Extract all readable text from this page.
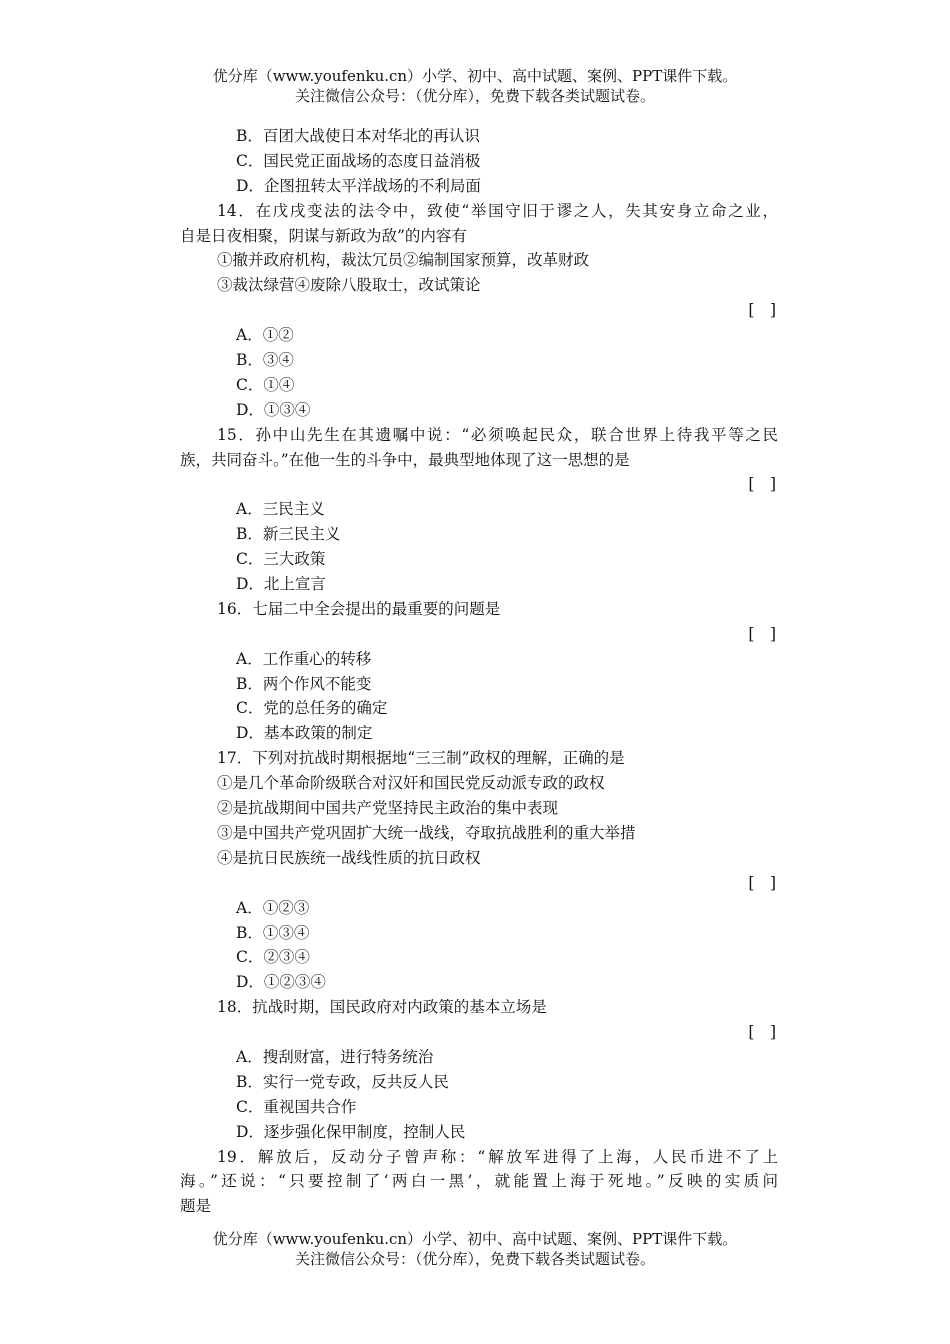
优分库（www.youfenku.cn）小学、初中、高中试题、案例、PPT课件下载。
关注微信公众号：（优分库），免费下载各类试题试卷。
B．百团大战使日本对华北的再认识
C．国民党正面战场的态度日益消极
D．企图扭转太平洋战场的不利局面
14．在戊戌变法的法令中，致使“举国守旧于谬之人，失其安身立命之业，
自是日夜相聚，阴谋与新政为敌”的内容有
①撤并政府机构，裁汰冗员②编制国家预算，改革财政
③裁汰绿营④废除八股取士，改试策论
[　]
A．①②
B．③④
C．①④
D．①③④
15．孙中山先生在其遗嘱中说：“必须唤起民众，联合世界上待我平等之民
族，共同奋斗。”在他一生的斗争中，最典型地体现了这一思想的是
[　]
A．三民主义
B．新三民主义
C．三大政策
D．北上宣言
16．七届二中全会提出的最重要的问题是
[　]
A．工作重心的转移
B．两个作风不能变
C．党的总任务的确定
D．基本政策的制定
17．下列对抗战时期根据地“三三制”政权的理解，正确的是
①是几个革命阶级联合对汉奸和国民党反动派专政的政权
②是抗战期间中国共产党坚持民主政治的集中表现
③是中国共产党巩固扩大统一战线，夺取抗战胜利的重大举措
④是抗日民族统一战线性质的抗日政权
[　]
A．①②③
B．①③④
C．②③④
D．①②③④
18．抗战时期，国民政府对内政策的基本立场是
[　]
A．搜刮财富，进行特务统治
B．实行一党专政，反共反人民
C．重视国共合作
D．逐步强化保甲制度，控制人民
19．解放后，反动分子曾声称：“解放军进得了上海，人民币进不了上
海。”还说：“只要控制了‘两白一黑’，就能置上海于死地。”反映的实质问
题是
优分库（www.youfenku.cn）小学、初中、高中试题、案例、PPT课件下载。
关注微信公众号：（优分库），免费下载各类试题试卷。
